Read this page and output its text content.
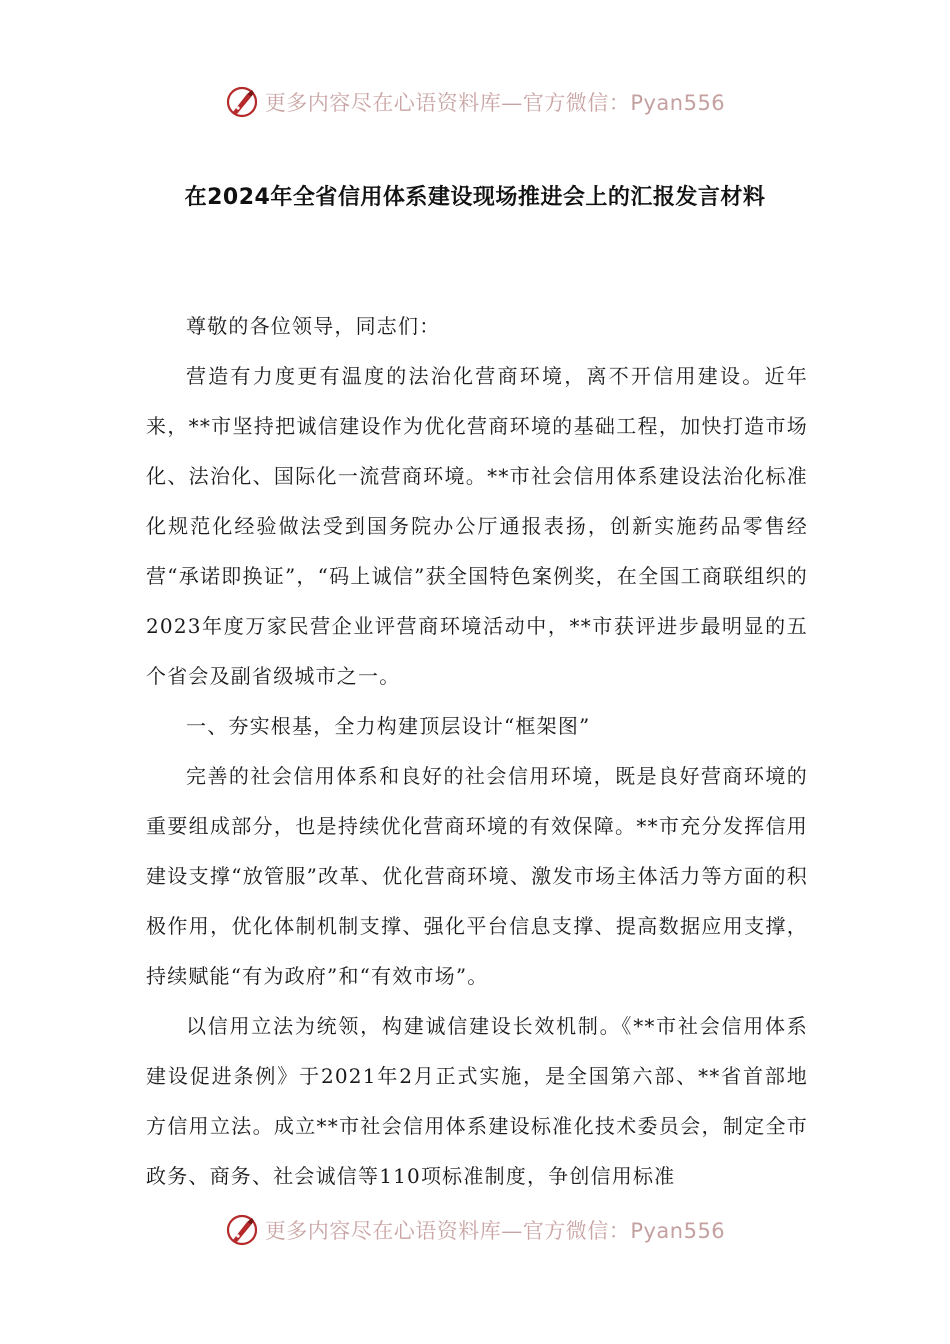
更多内容尽在心语资料库—官方微信：Pyan556
在2024年全省信用体系建设现场推进会上的汇报发言材料

尊敬的各位领导，同志们：

营造有力度更有温度的法治化营商环境，离不开信用建设。近年来，**市坚持把诚信建设作为优化营商环境的基础工程，加快打造市场化、法治化、国际化一流营商环境。**市社会信用体系建设法治化标准化规范化经验做法受到国务院办公厅通报表扬，创新实施药品零售经营“承诺即换证”，“码上诚信”获全国特色案例奖，在全国工商联组织的2023年度万家民营企业评营商环境活动中，**市获评进步最明显的五个省会及副省级城市之一。

一、夯实根基，全力构建顶层设计“框架图”

完善的社会信用体系和良好的社会信用环境，既是良好营商环境的重要组成部分，也是持续优化营商环境的有效保障。**市充分发挥信用建设支撑“放管服”改革、优化营商环境、激发市场主体活力等方面的积极作用，优化体制机制支撑、强化平台信息支撑、提高数据应用支撑，持续赋能“有为政府”和“有效市场”。

以信用立法为统领，构建诚信建设长效机制。《**市社会信用体系建设促进条例》于2021年2月正式实施，是全国第六部、**省首部地方信用立法。成立**市社会信用体系建设标准化技术委员会，制定全市政务、商务、社会诚信等110项标准制度，争创信用标准

更多内容尽在心语资料库—官方微信：Pyan556
